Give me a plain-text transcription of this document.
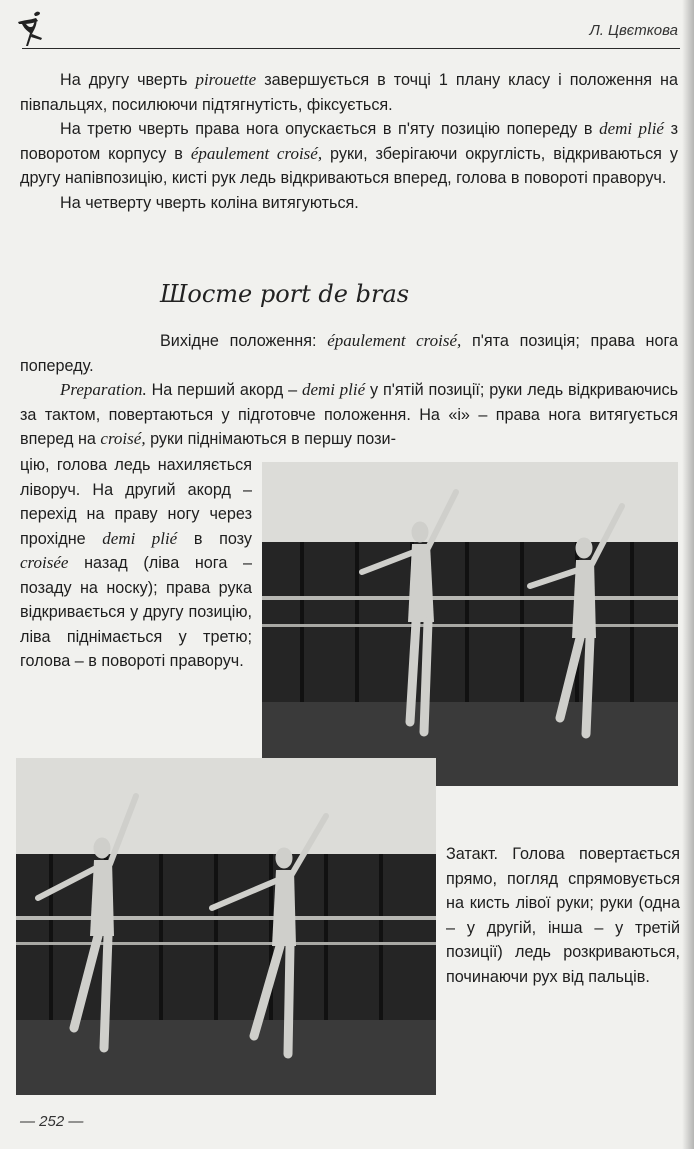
Л. Цвєткова

На другу чверть pirouette завершується в точці 1 плану класу і положення на півпальцях, посилюючи підтягнутість, фіксується.

На третю чверть права нога опускається в п'яту позицію попереду в demi plié з поворотом корпусу в épaulement croisé, руки, зберігаючи округлість, відкриваються у другу напівпозицію, кисті рук ледь відкриваються вперед, голова в повороті праворуч.

На четверту чверть коліна витягуються.

Шосте port de bras

Вихідне положення: épaulement croisé, п'ята позиція; права нога попереду.

Preparation. На перший акорд – demi plié у п'ятій позиції; руки ледь відкриваючись за тактом, повертаються у підготовче положення. На «і» – права нога витягується вперед на croisé, руки піднімаються в першу пози-

цію, голова ледь нахиляється ліворуч. На другий акорд – перехід на праву ногу через прохідне demi plié в позу croisée назад (ліва нога – позаду на носку); права рука відкривається у другу позицію, ліва піднімається у третю; голова – в повороті праворуч.
Затакт. Голова повертається прямо, погляд спрямовується на кисть лівої руки; руки (одна – у другій, інша – у третій позиції) ледь розкриваються, починаючи рух від пальців.
— 252 —
